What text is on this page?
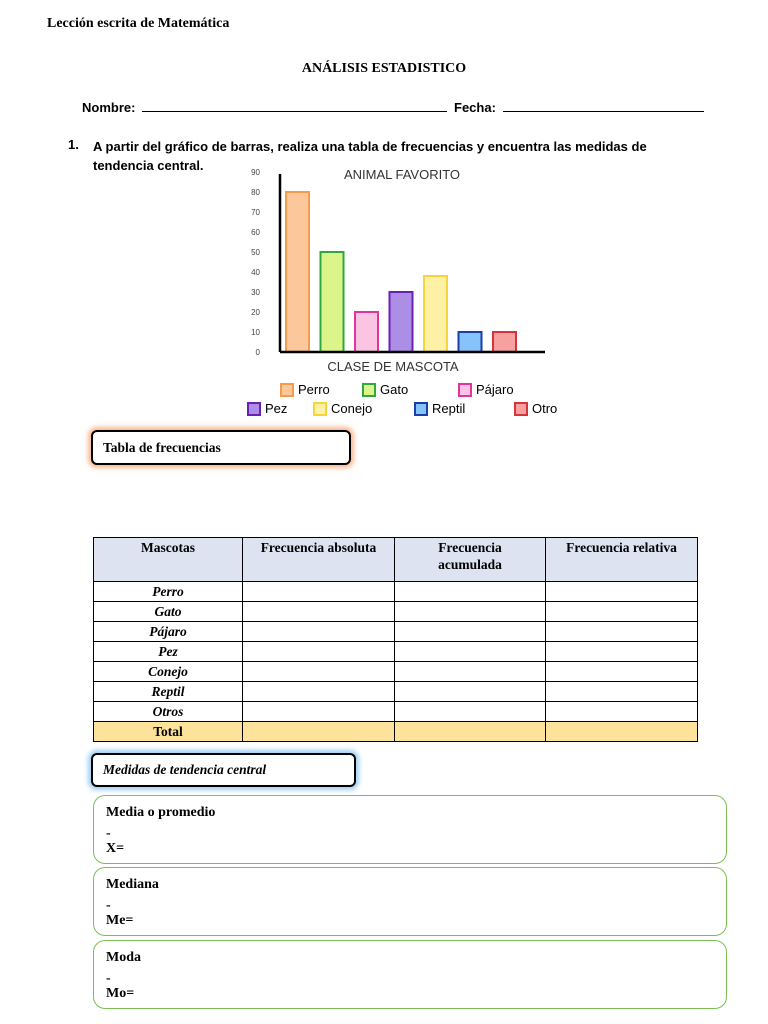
Lección escrita de Matemática
ANÁLISIS ESTADISTICO
Nombre:	Fecha:
1. A partir del gráfico de barras, realiza una tabla de frecuencias y encuentra las medidas de tendencia central.
0
10
20
30
40
50
60
70
80
90	ANIMAL FAVORITO
CLASE DE MASCOTA
Perro	Gato	Pájaro
Pez	Conejo	Reptil	Otro
Tabla de frecuencias
Mascotas	Frecuencia absoluta	Frecuencia acumulada	Frecuencia relativa
Perro			
Gato			
Pájaro			
Pez			
Conejo			
Reptil			
Otros			
Total			
Medidas de tendencia central
Media o promedio
-
X=
Mediana
-
Me=
Moda
-
Mo=
